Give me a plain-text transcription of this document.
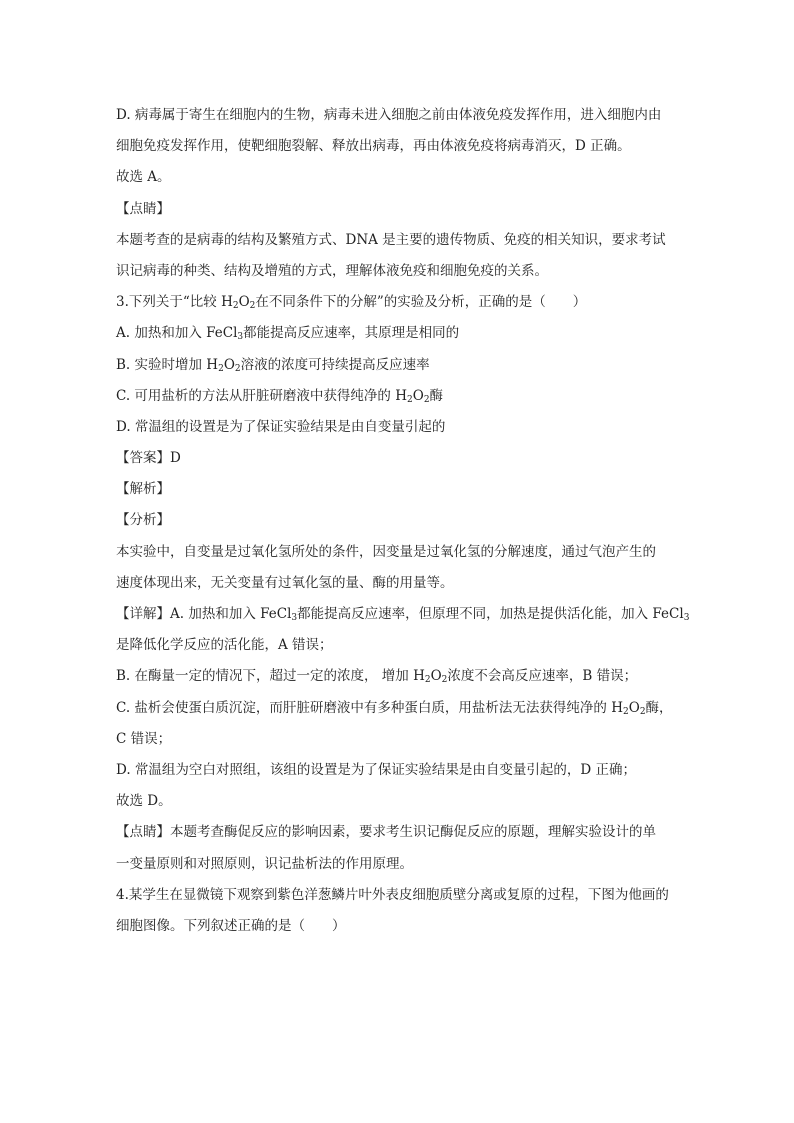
D. 病毒属于寄生在细胞内的生物，病毒未进入细胞之前由体液免疫发挥作用，进入细胞内由
细胞免疫发挥作用，使靶细胞裂解、释放出病毒，再由体液免疫将病毒消灭，D 正确。
故选 A。
【点睛】
本题考查的是病毒的结构及繁殖方式、DNA 是主要的遗传物质、免疫的相关知识，要求考试
识记病毒的种类、结构及增殖的方式，理解体液免疫和细胞免疫的关系。
3.下列关于“比较 $H_2O_2$在不同条件下的分解”的实验及分析，正确的是（　　）
A. 加热和加入 FeCl$_3$都能提高反应速率，其原理是相同的
B. 实验时增加 $H_2O_2$溶液的浓度可持续提高反应速率
C. 可用盐析的方法从肝脏研磨液中获得纯净的 $H_2O_2$酶
D. 常温组的设置是为了保证实验结果是由自变量引起的
【答案】D
【解析】
【分析】
本实验中，自变量是过氧化氢所处的条件，因变量是过氧化氢的分解速度，通过气泡产生的
速度体现出来，无关变量有过氧化氢的量、酶的用量等。
【详解】A. 加热和加入 FeCl$_3$都能提高反应速率，但原理不同，加热是提供活化能，加入 FeCl$_3$
是降低化学反应的活化能，A 错误；
B. 在酶量一定的情况下，超过一定的浓度， 增加 $H_2O_2$浓度不会高反应速率，B 错误；
C. 盐析会使蛋白质沉淀，而肝脏研磨液中有多种蛋白质，用盐析法无法获得纯净的 $H_2O_2$酶，
C 错误；
D. 常温组为空白对照组，该组的设置是为了保证实验结果是由自变量引起的，D 正确；
故选 D。
【点睛】本题考查酶促反应的影响因素，要求考生识记酶促反应的原题，理解实验设计的单
一变量原则和对照原则，识记盐析法的作用原理。
4.某学生在显微镜下观察到紫色洋葱鳞片叶外表皮细胞质壁分离或复原的过程，下图为他画的
细胞图像。下列叙述正确的是（　　）
